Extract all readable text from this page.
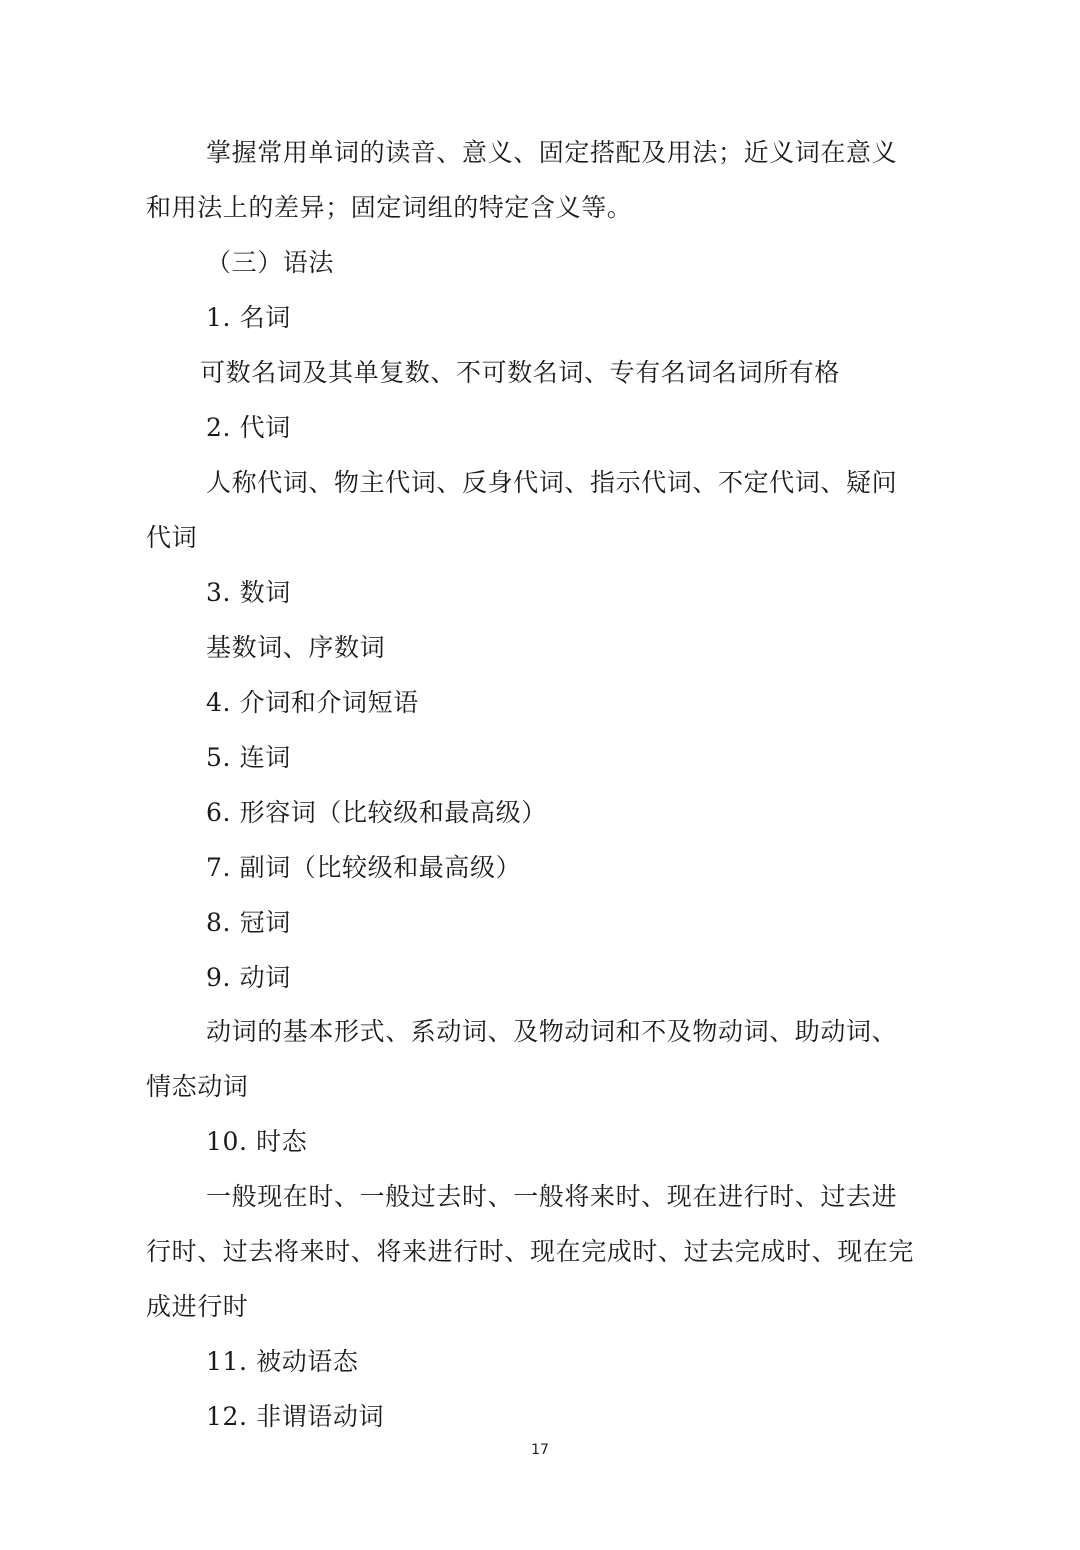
掌握常用单词的读音、意义、固定搭配及用法；近义词在意义
和用法上的差异；固定词组的特定含义等。
（三）语法
1. 名词
可数名词及其单复数、不可数名词、专有名词名词所有格
2. 代词
人称代词、物主代词、反身代词、指示代词、不定代词、疑问
代词
3. 数词
基数词、序数词
4. 介词和介词短语
5. 连词
6. 形容词（比较级和最高级）
7. 副词（比较级和最高级）
8. 冠词
9. 动词
动词的基本形式、系动词、及物动词和不及物动词、助动词、
情态动词
10. 时态
一般现在时、一般过去时、一般将来时、现在进行时、过去进
行时、过去将来时、将来进行时、现在完成时、过去完成时、现在完
成进行时
11. 被动语态
12. 非谓语动词
17
